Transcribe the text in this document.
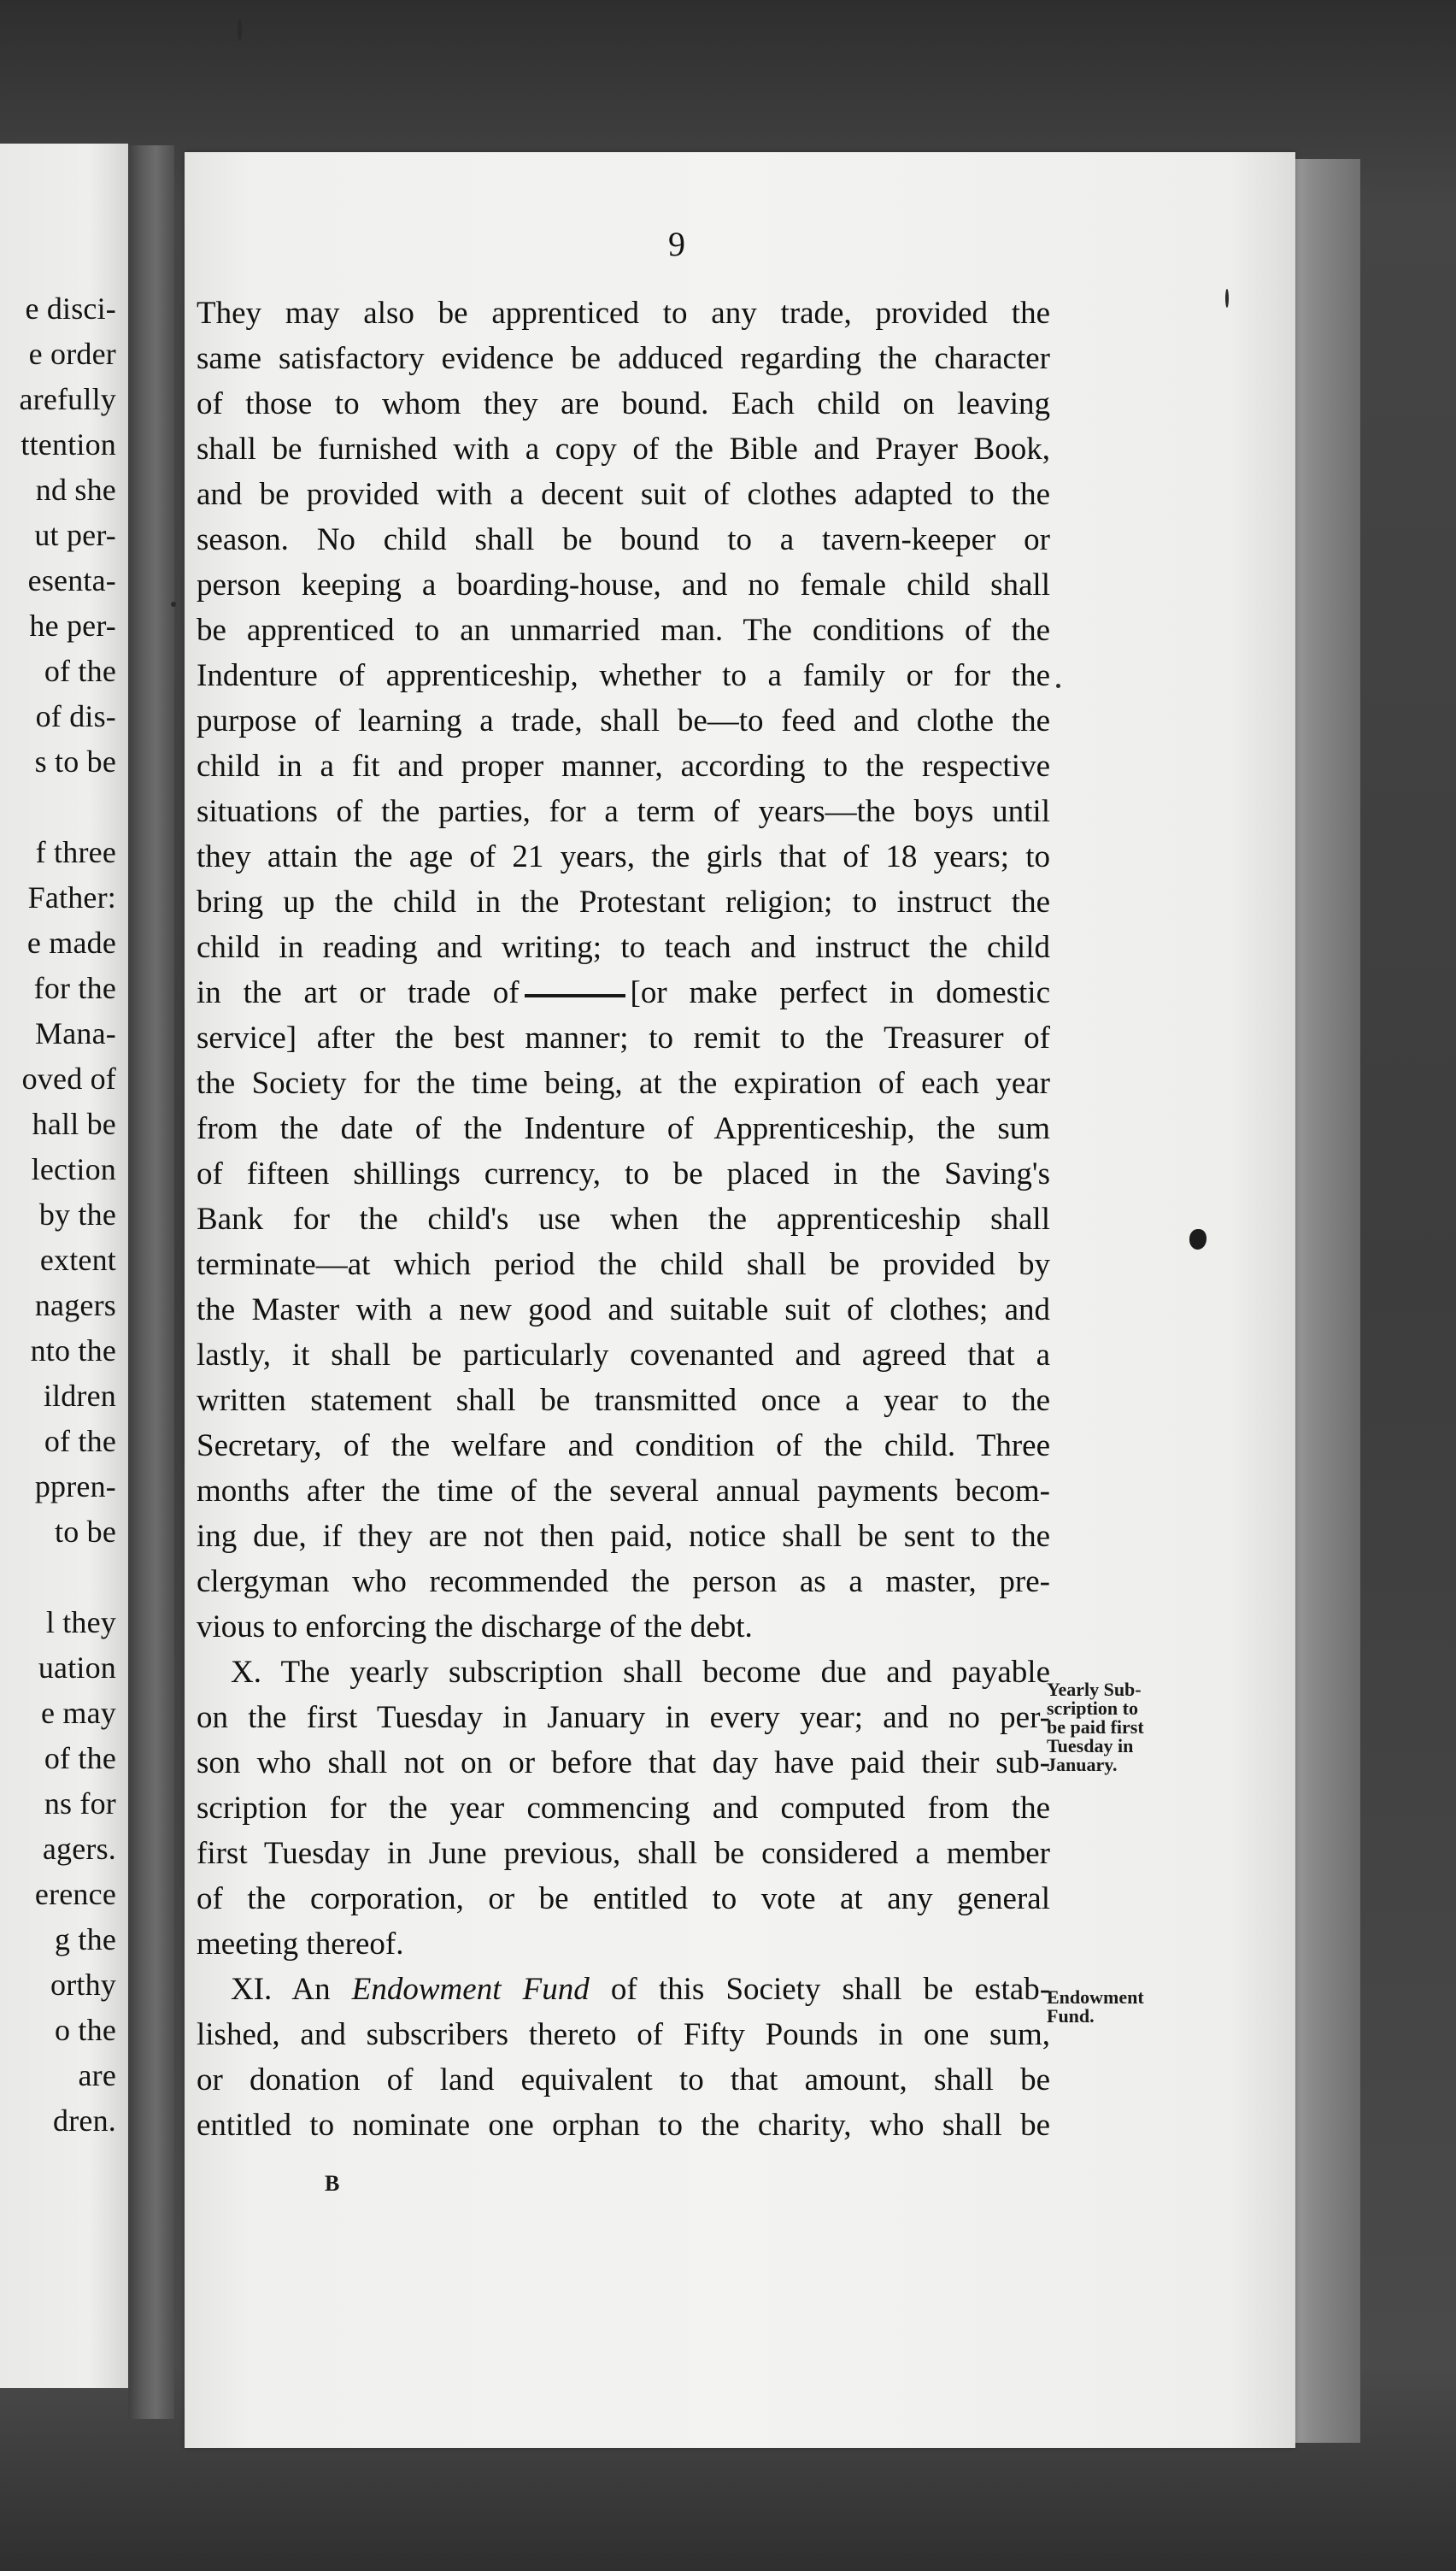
e disci-
e order
arefully
ttention
nd she
ut per-
esenta-
he per-
of the
of dis-
s to be
f three
Father:
e made
for the
Mana-
oved of
hall be
lection
by the
extent
nagers
nto the
ildren
of the
ppren-
to be
l they
uation
e may
of the
ns for
agers.
erence
g the
orthy
o the
are
dren.
9
They may also be apprenticed to any trade, provided the
same satisfactory evidence be adduced regarding the character
of those to whom they are bound. Each child on leaving
shall be furnished with a copy of the Bible and Prayer Book,
and be provided with a decent suit of clothes adapted to the
season. No child shall be bound to a tavern-keeper or
person keeping a boarding-house, and no female child shall
be apprenticed to an unmarried man. The conditions of the
Indenture of apprenticeship, whether to a family or for the
purpose of learning a trade, shall be—to feed and clothe the
child in a fit and proper manner, according to the respective
situations of the parties, for a term of years—the boys until
they attain the age of 21 years, the girls that of 18 years; to
bring up the child in the Protestant religion; to instruct the
child in reading and writing; to teach and instruct the child
in the art or trade of	[or make perfect in domestic
service] after the best manner; to remit to the Treasurer of
the Society for the time being, at the expiration of each year
from the date of the Indenture of Apprenticeship, the sum
of fifteen shillings currency, to be placed in the Saving's
Bank for the child's use when the apprenticeship shall
terminate—at which period the child shall be provided by
the Master with a new good and suitable suit of clothes; and
lastly, it shall be particularly covenanted and agreed that a
written statement shall be transmitted once a year to the
Secretary, of the welfare and condition of the child. Three
months after the time of the several annual payments becom-
ing due, if they are not then paid, notice shall be sent to the
clergyman who recommended the person as a master, pre-
vious to enforcing the discharge of the debt.
X. The yearly subscription shall become due and payable
on the first Tuesday in January in every year; and no per-
son who shall not on or before that day have paid their sub-
scription for the year commencing and computed from the
first Tuesday in June previous, shall be considered a member
of the corporation, or be entitled to vote at any general
meeting thereof.
XI. An Endowment Fund of this Society shall be estab-
lished, and subscribers thereto of Fifty Pounds in one sum,
or donation of land equivalent to that amount, shall be
entitled to nominate one orphan to the charity, who shall be
Yearly Sub-
scription to
be paid first
Tuesday in
January.
Endowment
Fund.
B
